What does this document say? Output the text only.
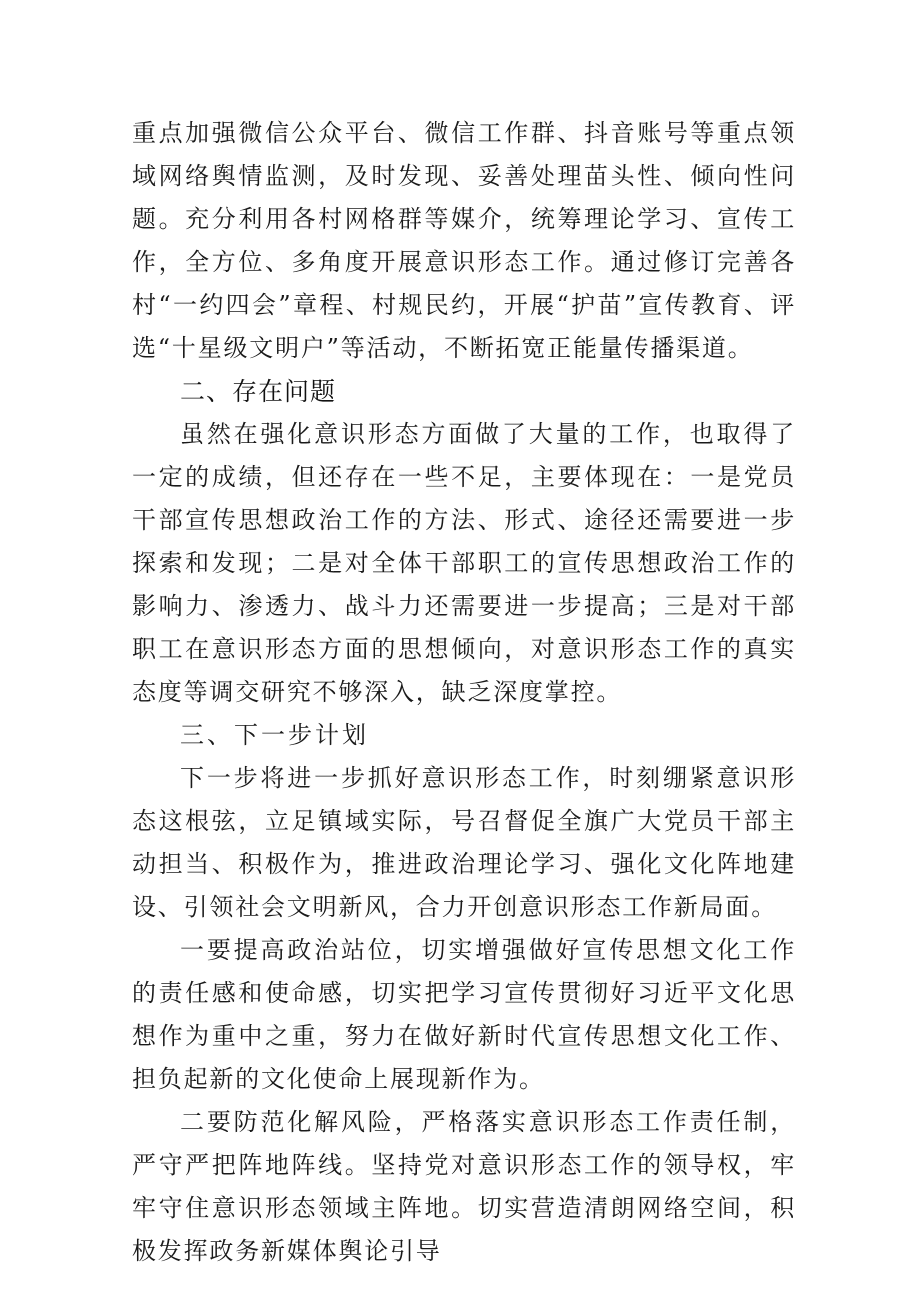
重点加强微信公众平台、微信工作群、抖音账号等重点领域网络舆情监测，及时发现、妥善处理苗头性、倾向性问题。充分利用各村网格群等媒介，统筹理论学习、宣传工作，全方位、多角度开展意识形态工作。通过修订完善各村“一约四会”章程、村规民约，开展“护苗”宣传教育、评选“十星级文明户”等活动，不断拓宽正能量传播渠道。

二、存在问题

虽然在强化意识形态方面做了大量的工作，也取得了一定的成绩，但还存在一些不足，主要体现在：一是党员干部宣传思想政治工作的方法、形式、途径还需要进一步探索和发现；二是对全体干部职工的宣传思想政治工作的影响力、渗透力、战斗力还需要进一步提高；三是对干部职工在意识形态方面的思想倾向，对意识形态工作的真实态度等调交研究不够深入，缺乏深度掌控。

三、下一步计划

下一步将进一步抓好意识形态工作，时刻绷紧意识形态这根弦，立足镇域实际，号召督促全旗广大党员干部主动担当、积极作为，推进政治理论学习、强化文化阵地建设、引领社会文明新风，合力开创意识形态工作新局面。

一要提高政治站位，切实增强做好宣传思想文化工作的责任感和使命感，切实把学习宣传贯彻好习近平文化思想作为重中之重，努力在做好新时代宣传思想文化工作、担负起新的文化使命上展现新作为。

二要防范化解风险，严格落实意识形态工作责任制，严守严把阵地阵线。坚持党对意识形态工作的领导权，牢牢守住意识形态领域主阵地。切实营造清朗网络空间，积极发挥政务新媒体舆论引导
